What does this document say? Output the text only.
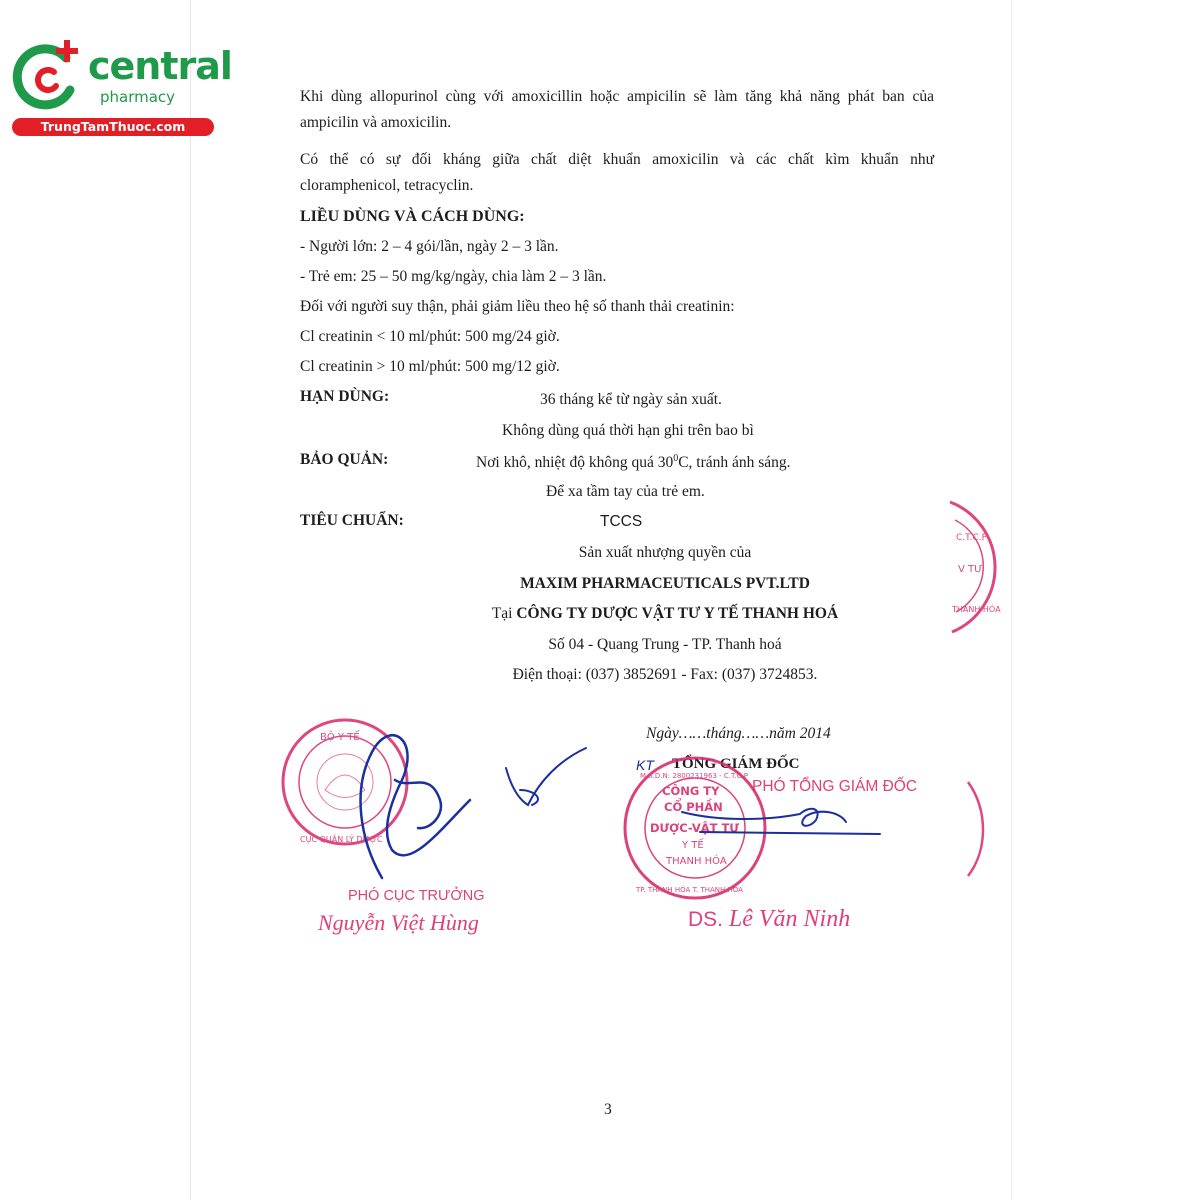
central
pharmacy
TrungTamThuoc.com
Khi dùng allopurinol cùng với amoxicillin hoặc ampicilin sẽ làm tăng khả năng phát ban của
ampicilin và amoxicilin.
Có thể có sự đối kháng giữa chất diệt khuẩn amoxicilin và các chất kìm khuẩn như
cloramphenicol, tetracyclin.
LIỀU DÙNG VÀ CÁCH DÙNG:
- Người lớn: 2 – 4 gói/lần, ngày 2 – 3 lần.
- Trẻ em: 25 – 50 mg/kg/ngày, chia làm 2 – 3 lần.
Đối với người suy thận, phải giảm liều theo hệ số thanh thải creatinin:
Cl creatinin < 10 ml/phút: 500 mg/24 giờ.
Cl creatinin > 10 ml/phút: 500 mg/12 giờ.
HẠN DÙNG:	36 tháng kể từ ngày sản xuất.
Không dùng quá thời hạn ghi trên bao bì
BẢO QUẢN:	Nơi khô, nhiệt độ không quá $30^0C$, tránh ánh sáng.
Để xa tầm tay của trẻ em.
TIÊU CHUẨN:	TCCS
Sản xuất nhượng quyền của
MAXIM PHARMACEUTICALS PVT.LTD
Tại CÔNG TY DƯỢC VẬT TƯ Y TẾ THANH HOÁ
Số 04 - Quang Trung - TP. Thanh hoá
Điện thoại: (037) 3852691 - Fax: (037) 3724853.
Ngày……tháng……năm 2014
KT TỔNG GIÁM ĐỐC
PHÓ TỔNG GIÁM ĐỐC
PHÓ CỤC TRƯỞNG
Nguyễn Việt Hùng	DS. Lê Văn Ninh
3
BỘ Y TẾ
CỤC QUẢN LÝ DƯỢC
CÔNG TY
CỔ PHẦN
DƯỢC-VẬT TƯ
Y TẾ
THANH HÓA
M.S.D.N: 2800231963 - C.T.C.P
TP. THANH HÓA T. THANH HÓA
C.T.C.P
V TƯ
THANH HÓA
